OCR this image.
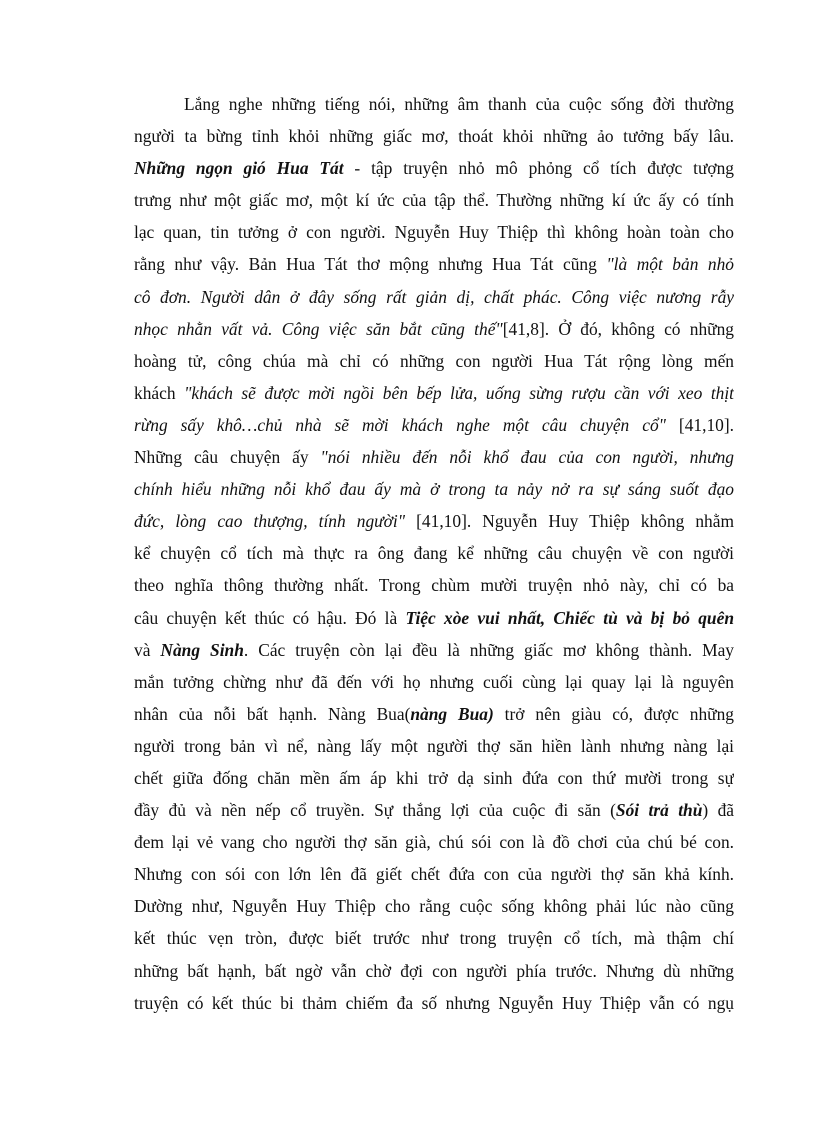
Lắng nghe những tiếng nói, những âm thanh của cuộc sống đời thường
người ta bừng tỉnh khỏi những giấc mơ, thoát khỏi những ảo tưởng bấy lâu.
Những ngọn gió Hua Tát - tập truyện nhỏ mô phỏng cổ tích được tượng
trưng như một giấc mơ, một kí ức của tập thể. Thường những kí ức ấy có tính
lạc quan, tin tưởng ở con người. Nguyễn Huy Thiệp thì không hoàn toàn cho
rằng như vậy. Bản Hua Tát thơ mộng nhưng Hua Tát cũng "là một bản nhỏ
cô đơn. Người dân ở đây sống rất giản dị, chất phác. Công việc nương rẫy
nhọc nhằn vất vả. Công việc săn bắt cũng thế"[41,8]. Ở đó, không có những
hoàng tử, công chúa mà chỉ có những con người Hua Tát rộng lòng mến
khách "khách sẽ được mời ngồi bên bếp lửa, uống sừng rượu cần với xeo thịt
rừng sấy khô…chủ nhà sẽ mời khách nghe một câu chuyện cổ" [41,10].
Những câu chuyện ấy "nói nhiều đến nỗi khổ đau của con người, nhưng
chính hiểu những nỗi khổ đau ấy mà ở trong ta nảy nở ra sự sáng suốt đạo
đức, lòng cao thượng, tính người" [41,10]. Nguyễn Huy Thiệp không nhằm
kể chuyện cổ tích mà thực ra ông đang kể những câu chuyện về con người
theo nghĩa thông thường nhất. Trong chùm mười truyện nhỏ này, chỉ có ba
câu chuyện kết thúc có hậu. Đó là Tiệc xòe vui nhất, Chiếc tù và bị bỏ quên
và Nàng Sinh. Các truyện còn lại đều là những giấc mơ không thành. May
mắn tưởng chừng như đã đến với họ nhưng cuối cùng lại quay lại là nguyên
nhân của nỗi bất hạnh. Nàng Bua(nàng Bua) trở nên giàu có, được những
người trong bản vì nể, nàng lấy một người thợ săn hiền lành nhưng nàng lại
chết giữa đống chăn mền ấm áp khi trở dạ sinh đứa con thứ mười trong sự
đầy đủ và nền nếp cổ truyền. Sự thắng lợi của cuộc đi săn (Sói trả thù) đã
đem lại vẻ vang cho người thợ săn già, chú sói con là đồ chơi của chú bé con.
Nhưng con sói con lớn lên đã giết chết đứa con của người thợ săn khả kính.
Dường như, Nguyễn Huy Thiệp cho rằng cuộc sống không phải lúc nào cũng
kết thúc vẹn tròn, được biết trước như trong truyện cổ tích, mà thậm chí
những bất hạnh, bất ngờ vẫn chờ đợi con người phía trước. Nhưng dù những
truyện có kết thúc bi thảm chiếm đa số nhưng Nguyễn Huy Thiệp vẫn có ngụ
